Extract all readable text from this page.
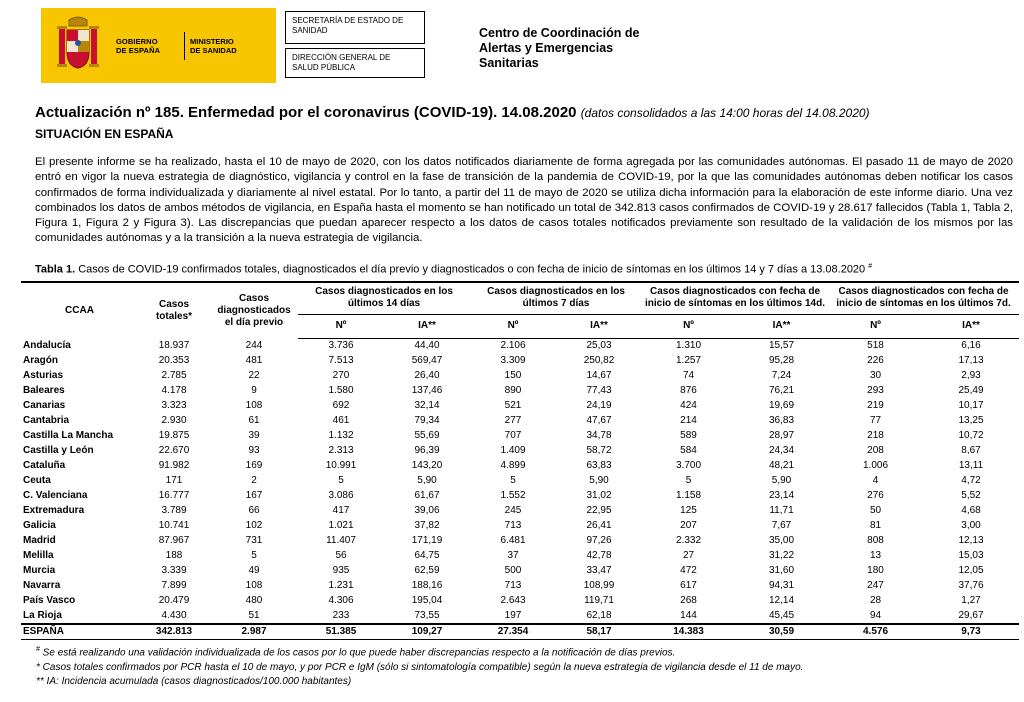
GOBIERNO
DE ESPAÑA
MINISTERIO
DE SANIDAD
SECRETARÍA DE ESTADO DE SANIDAD
DIRECCIÓN GENERAL DE SALUD PÚBLICA
Centro de Coordinación de
Alertas y Emergencias
Sanitarias
Actualización nº 185. Enfermedad por el coronavirus (COVID-19). 14.08.2020 (datos consolidados a las 14:00 horas del 14.08.2020)
SITUACIÓN EN ESPAÑA
El presente informe se ha realizado, hasta el 10 de mayo de 2020, con los datos notificados diariamente de forma agregada por las comunidades autónomas. El pasado 11 de mayo de 2020 entró en vigor la nueva estrategia de diagnóstico, vigilancia y control en la fase de transición de la pandemia de COVID-19, por la que las comunidades autónomas deben notificar los casos confirmados de forma individualizada y diariamente al nivel estatal. Por lo tanto, a partir del 11 de mayo de 2020 se utiliza dicha información para la elaboración de este informe diario. Una vez combinados los datos de ambos métodos de vigilancia, en España hasta el momento se han notificado un total de 342.813 casos confirmados de COVID-19 y 28.617 fallecidos (Tabla 1, Tabla 2, Figura 1, Figura 2 y Figura 3). Las discrepancias que puedan aparecer respecto a los datos de casos totales notificados previamente son resultado de la validación de los mismos por las comunidades autónomas y a la transición a la nueva estrategia de vigilancia.
Tabla 1. Casos de COVID-19 confirmados totales, diagnosticados el día previo y diagnosticados o con fecha de inicio de síntomas en los últimos 14 y 7 días a 13.08.2020 #
CCAA	Casos totales*	Casos diagnosticados el día previo	Casos diagnosticados en los últimos 14 días		Casos diagnosticados en los últimos 7 días		Casos diagnosticados con fecha de inicio de síntomas en los últimos 14d.		Casos diagnosticados con fecha de inicio de síntomas en los últimos 7d.	
			Nº	IA**	Nº	IA**	Nº	IA**	Nº	IA**
Andalucía	18.937	244	3.736	44,40	2.106	25,03	1.310	15,57	518	6,16
Aragón	20.353	481	7.513	569,47	3.309	250,82	1.257	95,28	226	17,13
Asturias	2.785	22	270	26,40	150	14,67	74	7,24	30	2,93
Baleares	4.178	9	1.580	137,46	890	77,43	876	76,21	293	25,49
Canarias	3.323	108	692	32,14	521	24,19	424	19,69	219	10,17
Cantabria	2.930	61	461	79,34	277	47,67	214	36,83	77	13,25
Castilla La Mancha	19.875	39	1.132	55,69	707	34,78	589	28,97	218	10,72
Castilla y León	22.670	93	2.313	96,39	1.409	58,72	584	24,34	208	8,67
Cataluña	91.982	169	10.991	143,20	4.899	63,83	3.700	48,21	1.006	13,11
Ceuta	171	2	5	5,90	5	5,90	5	5,90	4	4,72
C. Valenciana	16.777	167	3.086	61,67	1.552	31,02	1.158	23,14	276	5,52
Extremadura	3.789	66	417	39,06	245	22,95	125	11,71	50	4,68
Galicia	10.741	102	1.021	37,82	713	26,41	207	7,67	81	3,00
Madrid	87.967	731	11.407	171,19	6.481	97,26	2.332	35,00	808	12,13
Melilla	188	5	56	64,75	37	42,78	27	31,22	13	15,03
Murcia	3.339	49	935	62,59	500	33,47	472	31,60	180	12,05
Navarra	7.899	108	1.231	188,16	713	108,99	617	94,31	247	37,76
País Vasco	20.479	480	4.306	195,04	2.643	119,71	268	12,14	28	1,27
La Rioja	4.430	51	233	73,55	197	62,18	144	45,45	94	29,67
ESPAÑA	342.813	2.987	51.385	109,27	27.354	58,17	14.383	30,59	4.576	9,73
# Se está realizando una validación individualizada de los casos por lo que puede haber discrepancias respecto a la notificación de días previos.
* Casos totales confirmados por PCR hasta el 10 de mayo, y por PCR e IgM (sólo si sintomatología compatible) según la nueva estrategia de vigilancia desde el 11 de mayo.
** IA: Incidencia acumulada (casos diagnosticados/100.000 habitantes)
